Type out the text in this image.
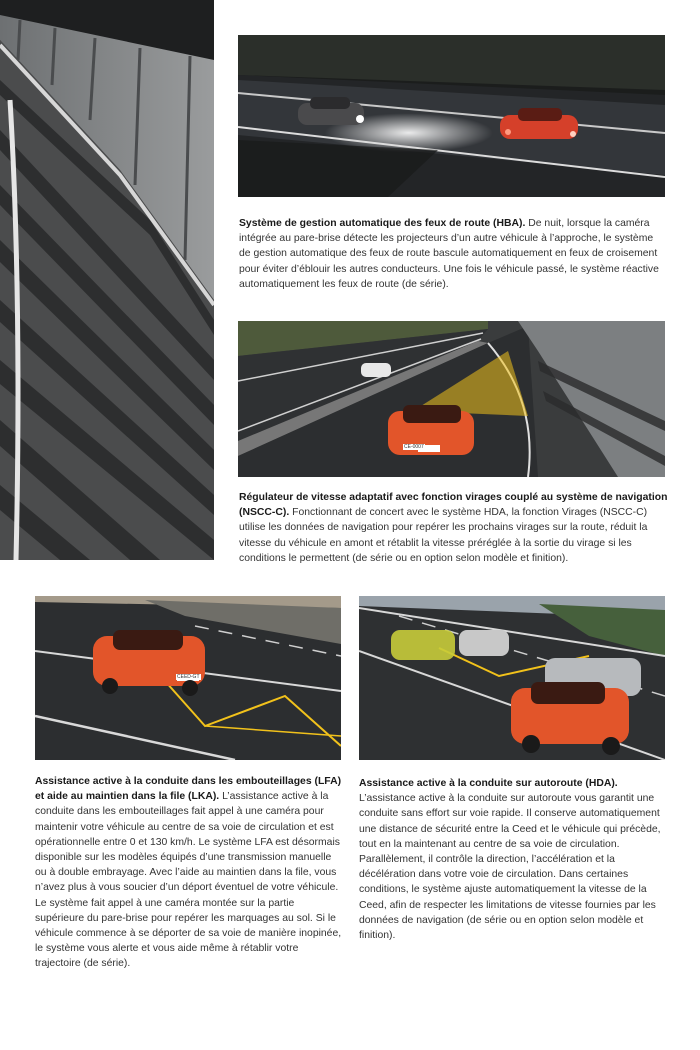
Système de gestion automatique des feux de route (HBA). De nuit, lorsque la caméra intégrée au pare-brise détecte les projecteurs d’un autre véhicule à l’approche, le système de gestion automatique des feux de route bascule automatiquement en feux de croisement pour éviter d’éblouir les autres conducteurs. Une fois le véhicule passé, le système réactive automatiquement les feux de route (de série).
Régulateur de vitesse adaptatif avec fonction virages couplé au système de navigation (NSCC-C). Fonctionnant de concert avec le système HDA, la fonction Virages (NSCC-C) utilise les données de navigation pour repérer les prochains virages sur la route, réduit la vitesse du véhicule en amont et rétablit la vitesse préréglée à la sortie du virage si les conditions le permettent (de série ou en option selon modèle et finition).
Assistance active à la conduite dans les embouteillages (LFA) et aide au maintien dans la file (LKA). L’assistance active à la conduite dans les embouteillages fait appel à une caméra pour maintenir votre véhicule au centre de sa voie de circulation et est opérationnelle entre 0 et 130 km/h. Le système LFA est désormais disponible sur les modèles équipés d’une transmission manuelle ou à double embrayage. Avec l’aide au maintien dans la file, vous n’avez plus à vous soucier d’un déport éventuel de votre véhicule. Le système fait appel à une caméra montée sur la partie supérieure du pare-brise pour repérer les marquages au sol. Si le véhicule commence à se déporter de sa voie de manière inopinée, le système vous alerte et vous aide même à rétablir votre trajectoire (de série).
Assistance active à la conduite sur autoroute (HDA). L’assistance active à la conduite sur autoroute vous garantit une conduite sans effort sur voie rapide. Il conserve automatiquement une distance de sécurité entre la Ceed et le véhicule qui précède, tout en la maintenant au centre de sa voie de circulation. Parallèlement, il contrôle la direction, l’accélération et la décélération dans votre voie de circulation. Dans certaines conditions, le système ajuste automatiquement la vitesse de la Ceed, afin de respecter les limitations de vitesse fournies par les données de navigation (de série ou en option selon modèle et finition).
CE-0007
CEED-GT
